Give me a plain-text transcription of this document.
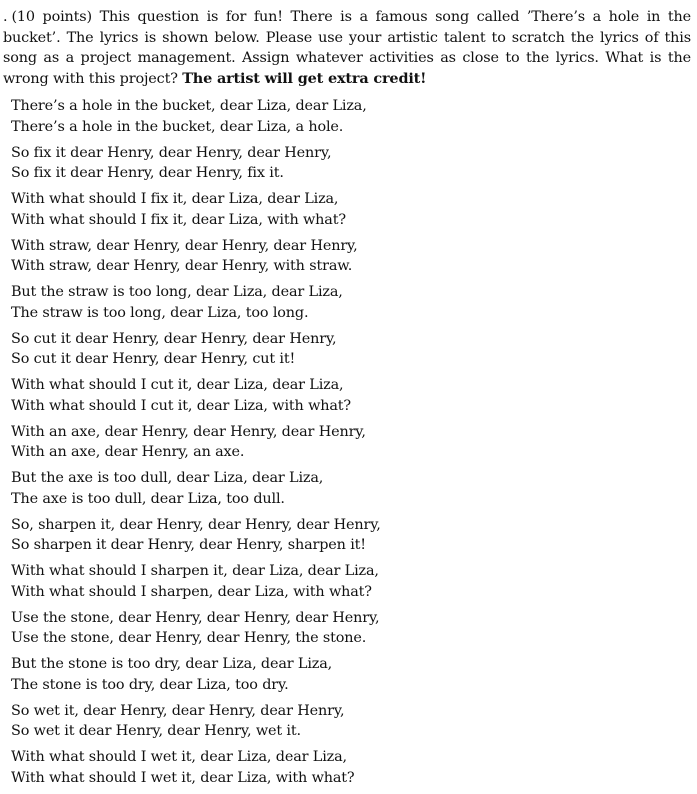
. (10 points) This question is for fun! There is a famous song called ’There’s a hole in the bucket’. The lyrics is shown below. Please use your artistic talent to scratch the lyrics of this song as a project management. Assign whatever activities as close to the lyrics. What is the wrong with this project? The artist will get extra credit!
There’s a hole in the bucket, dear Liza, dear Liza,
There’s a hole in the bucket, dear Liza, a hole.
So fix it dear Henry, dear Henry, dear Henry,
So fix it dear Henry, dear Henry, fix it.
With what should I fix it, dear Liza, dear Liza,
With what should I fix it, dear Liza, with what?
With straw, dear Henry, dear Henry, dear Henry,
With straw, dear Henry, dear Henry, with straw.
But the straw is too long, dear Liza, dear Liza,
The straw is too long, dear Liza, too long.
So cut it dear Henry, dear Henry, dear Henry,
So cut it dear Henry, dear Henry, cut it!
With what should I cut it, dear Liza, dear Liza,
With what should I cut it, dear Liza, with what?
With an axe, dear Henry, dear Henry, dear Henry,
With an axe, dear Henry, an axe.
But the axe is too dull, dear Liza, dear Liza,
The axe is too dull, dear Liza, too dull.
So, sharpen it, dear Henry, dear Henry, dear Henry,
So sharpen it dear Henry, dear Henry, sharpen it!
With what should I sharpen it, dear Liza, dear Liza,
With what should I sharpen, dear Liza, with what?
Use the stone, dear Henry, dear Henry, dear Henry,
Use the stone, dear Henry, dear Henry, the stone.
But the stone is too dry, dear Liza, dear Liza,
The stone is too dry, dear Liza, too dry.
So wet it, dear Henry, dear Henry, dear Henry,
So wet it dear Henry, dear Henry, wet it.
With what should I wet it, dear Liza, dear Liza,
With what should I wet it, dear Liza, with what?
